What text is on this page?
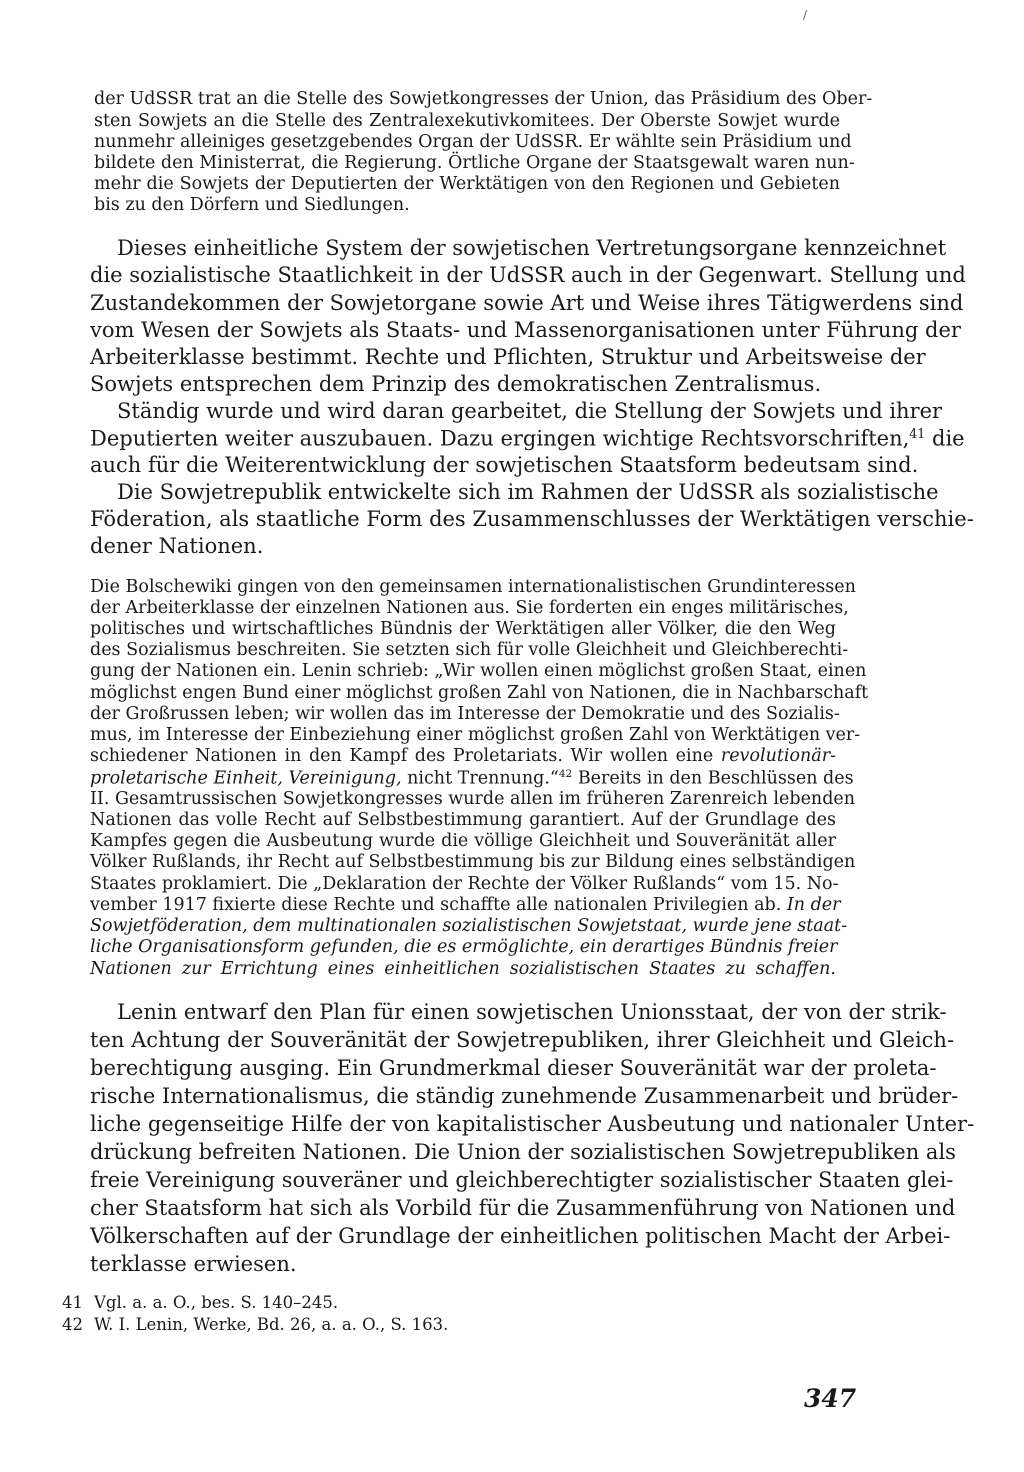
der UdSSR trat an die Stelle des Sowjetkongresses der Union, das Präsidium des Ober-
sten Sowjets an die Stelle des Zentralexekutivkomitees. Der Oberste Sowjet wurde
nunmehr alleiniges gesetzgebendes Organ der UdSSR. Er wählte sein Präsidium und
bildete den Ministerrat, die Regierung. Örtliche Organe der Staatsgewalt waren nun-
mehr die Sowjets der Deputierten der Werktätigen von den Regionen und Gebieten
bis zu den Dörfern und Siedlungen.
Dieses einheitliche System der sowjetischen Vertretungsorgane kennzeichnet
die sozialistische Staatlichkeit in der UdSSR auch in der Gegenwart. Stellung und
Zustandekommen der Sowjetorgane sowie Art und Weise ihres Tätigwerdens sind
vom Wesen der Sowjets als Staats- und Massenorganisationen unter Führung der
Arbeiterklasse bestimmt. Rechte und Pflichten, Struktur und Arbeitsweise der
Sowjets entsprechen dem Prinzip des demokratischen Zentralismus.
Ständig wurde und wird daran gearbeitet, die Stellung der Sowjets und ihrer
Deputierten weiter auszubauen. Dazu ergingen wichtige Rechtsvorschriften,$^{41}$ die
auch für die Weiterentwicklung der sowjetischen Staatsform bedeutsam sind.
Die Sowjetrepublik entwickelte sich im Rahmen der UdSSR als sozialistische
Föderation, als staatliche Form des Zusammenschlusses der Werktätigen verschie-
dener Nationen.
Die Bolschewiki gingen von den gemeinsamen internationalistischen Grundinteressen
der Arbeiterklasse der einzelnen Nationen aus. Sie forderten ein enges militärisches,
politisches und wirtschaftliches Bündnis der Werktätigen aller Völker, die den Weg
des Sozialismus beschreiten. Sie setzten sich für volle Gleichheit und Gleichberechti-
gung der Nationen ein. Lenin schrieb: „Wir wollen einen möglichst großen Staat, einen
möglichst engen Bund einer möglichst großen Zahl von Nationen, die in Nachbarschaft
der Großrussen leben; wir wollen das im Interesse der Demokratie und des Sozialis-
mus, im Interesse der Einbeziehung einer möglichst großen Zahl von Werktätigen ver-
schiedener Nationen in den Kampf des Proletariats. Wir wollen eine revolutionär-
proletarische Einheit, Vereinigung, nicht Trennung.“$^{42}$ Bereits in den Beschlüssen des
II. Gesamtrussischen Sowjetkongresses wurde allen im früheren Zarenreich lebenden
Nationen das volle Recht auf Selbstbestimmung garantiert. Auf der Grundlage des
Kampfes gegen die Ausbeutung wurde die völlige Gleichheit und Souveränität aller
Völker Rußlands, ihr Recht auf Selbstbestimmung bis zur Bildung eines selbständigen
Staates proklamiert. Die „Deklaration der Rechte der Völker Rußlands“ vom 15. No-
vember 1917 fixierte diese Rechte und schaffte alle nationalen Privilegien ab. In der
Sowjetföderation, dem multinationalen sozialistischen Sowjetstaat, wurde jene staat-
liche Organisationsform gefunden, die es ermöglichte, ein derartiges Bündnis freier
Nationen zur Errichtung eines einheitlichen sozialistischen Staates zu schaffen.
Lenin entwarf den Plan für einen sowjetischen Unionsstaat, der von der strik-
ten Achtung der Souveränität der Sowjetrepubliken, ihrer Gleichheit und Gleich-
berechtigung ausging. Ein Grundmerkmal dieser Souveränität war der proleta-
rische Internationalismus, die ständig zunehmende Zusammenarbeit und brüder-
liche gegenseitige Hilfe der von kapitalistischer Ausbeutung und nationaler Unter-
drückung befreiten Nationen. Die Union der sozialistischen Sowjetrepubliken als
freie Vereinigung souveräner und gleichberechtigter sozialistischer Staaten glei-
cher Staatsform hat sich als Vorbild für die Zusammenführung von Nationen und
Völkerschaften auf der Grundlage der einheitlichen politischen Macht der Arbei-
terklasse erwiesen.
41 Vgl. a. a. O., bes. S. 140–245.
42 W. I. Lenin, Werke, Bd. 26, a. a. O., S. 163.
347
/
